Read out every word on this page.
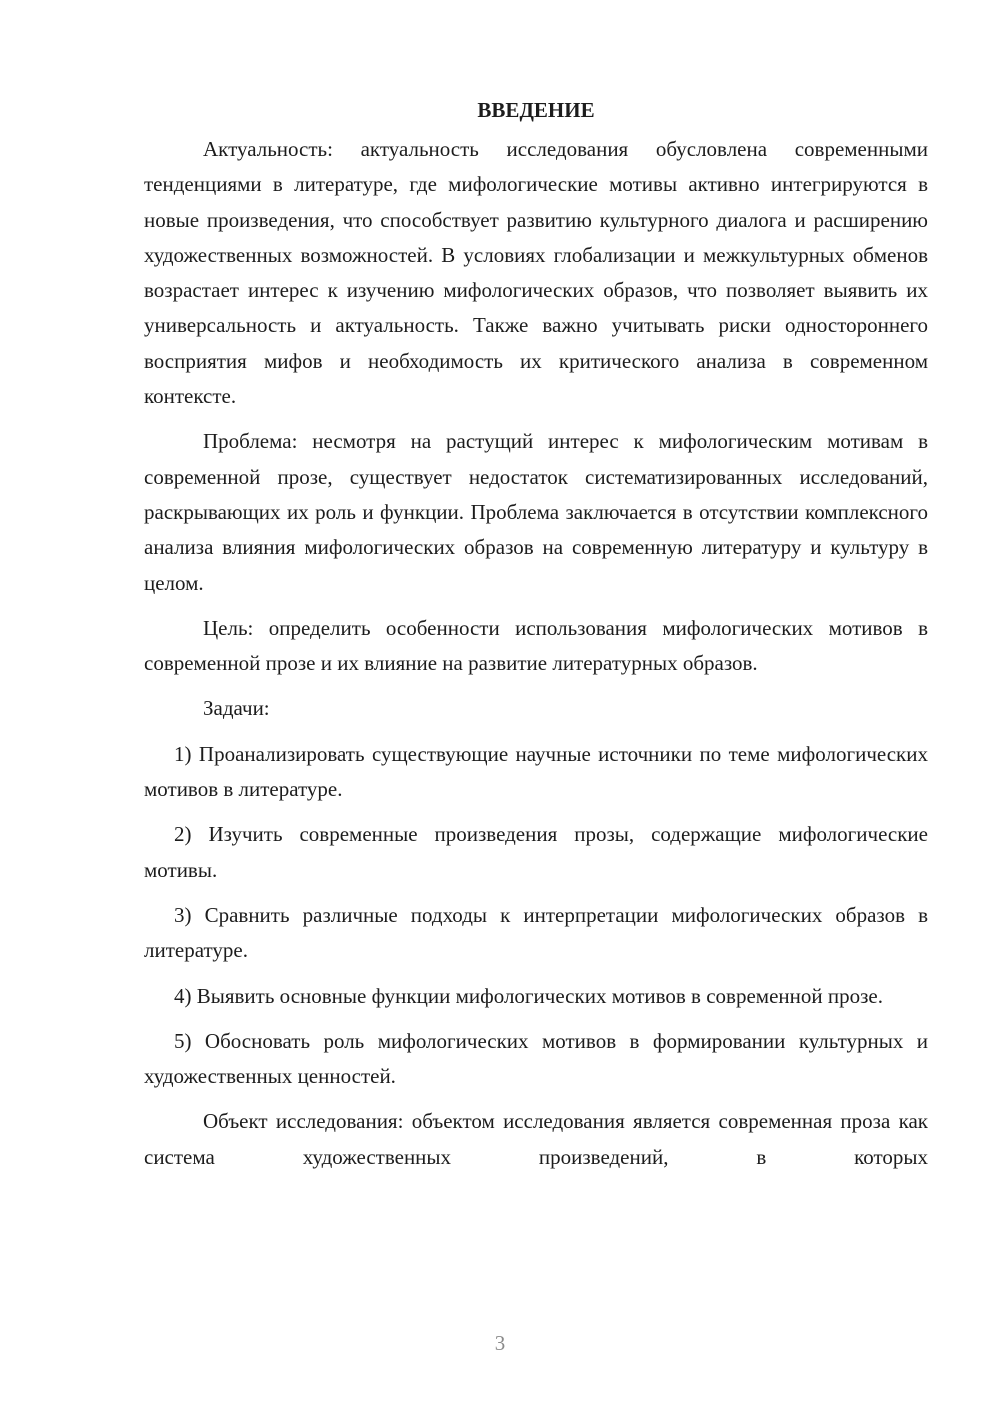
ВВЕДЕНИЕ

Актуальность: актуальность исследования обусловлена современными тенденциями в литературе, где мифологические мотивы активно интегрируются в новые произведения, что способствует развитию культурного диалога и расширению художественных возможностей. В условиях глобализации и межкультурных обменов возрастает интерес к изучению мифологических образов, что позволяет выявить их универсальность и актуальность. Также важно учитывать риски одностороннего восприятия мифов и необходимость их критического анализа в современном контексте.

Проблема: несмотря на растущий интерес к мифологическим мотивам в современной прозе, существует недостаток систематизированных исследований, раскрывающих их роль и функции. Проблема заключается в отсутствии комплексного анализа влияния мифологических образов на современную литературу и культуру в целом.

Цель: определить особенности использования мифологических мотивов в современной прозе и их влияние на развитие литературных образов.

Задачи:

1) Проанализировать существующие научные источники по теме мифологических мотивов в литературе.

2) Изучить современные произведения прозы, содержащие мифологические мотивы.

3) Сравнить различные подходы к интерпретации мифологических образов в литературе.

4) Выявить основные функции мифологических мотивов в современной прозе.

5) Обосновать роль мифологических мотивов в формировании культурных и художественных ценностей.

Объект исследования: объектом исследования является современная проза как система художественных произведений, в которых

3
